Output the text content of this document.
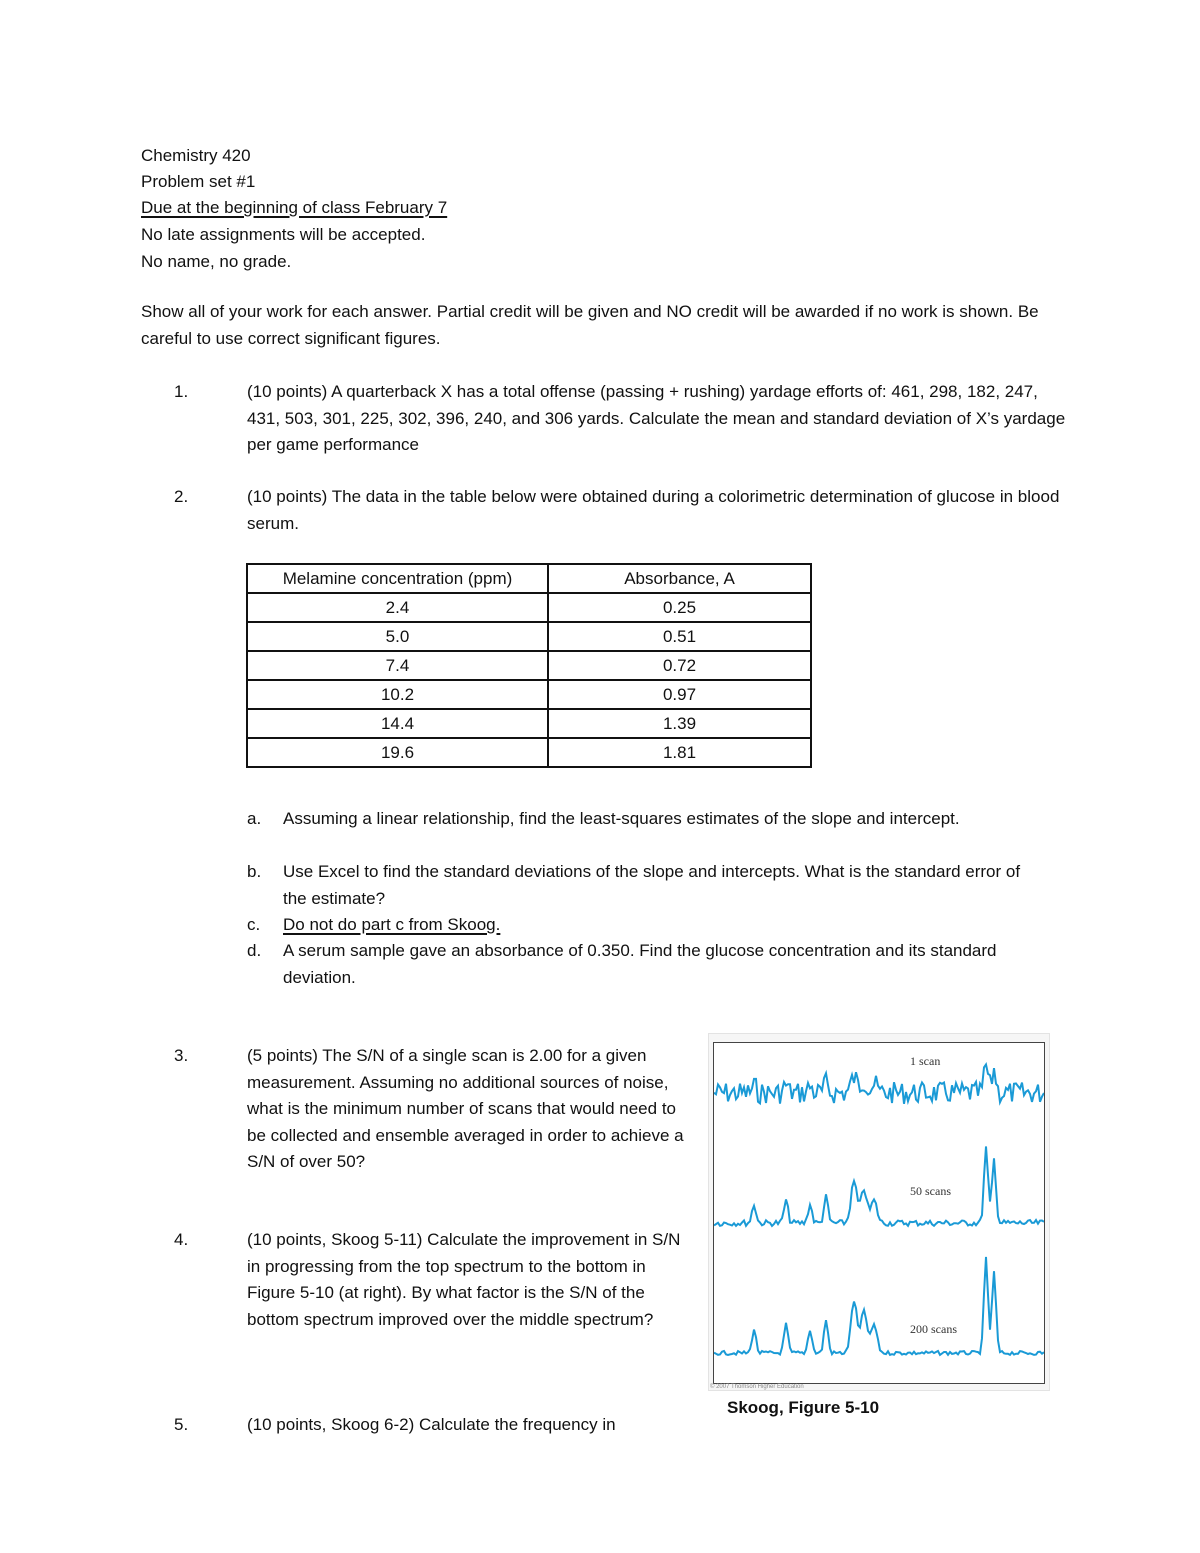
Chemistry 420
Problem set #1
Due at the beginning of class February 7
No late assignments will be accepted.
No name, no grade.
Show all of your work for each answer. Partial credit will be given and NO credit will be awarded if no work is shown. Be careful to use correct significant figures.
1.	(10 points) A quarterback X has a total offense (passing + rushing) yardage efforts of: 461, 298, 182, 247, 431, 503, 301, 225, 302, 396, 240, and 306 yards. Calculate the mean and standard deviation of X’s yardage per game performance
2.	(10 points) The data in the table below were obtained during a colorimetric determination of glucose in blood serum.
Melamine concentration (ppm)	Absorbance, A
2.4	0.25
5.0	0.51
7.4	0.72
10.2	0.97
14.4	1.39
19.6	1.81
a. Assuming a linear relationship, find the least-squares estimates of the slope and intercept.
b. Use Excel to find the standard deviations of the slope and intercepts. What is the standard error of the estimate?
c. Do not do part c from Skoog.
d. A serum sample gave an absorbance of 0.350. Find the glucose concentration and its standard deviation.
3.	(5 points) The S/N of a single scan is 2.00 for a given measurement. Assuming no additional sources of noise, what is the minimum number of scans that would need to be collected and ensemble averaged in order to achieve a S/N of over 50?
4.	(10 points, Skoog 5-11) Calculate the improvement in S/N in progressing from the top spectrum to the bottom in Figure 5-10 (at right). By what factor is the S/N of the bottom spectrum improved over the middle spectrum?
5.	(10 points, Skoog 6-2) Calculate the frequency in
1 scan
50 scans
200 scans
© 2007 Thomson Higher Education
Skoog, Figure 5-10
